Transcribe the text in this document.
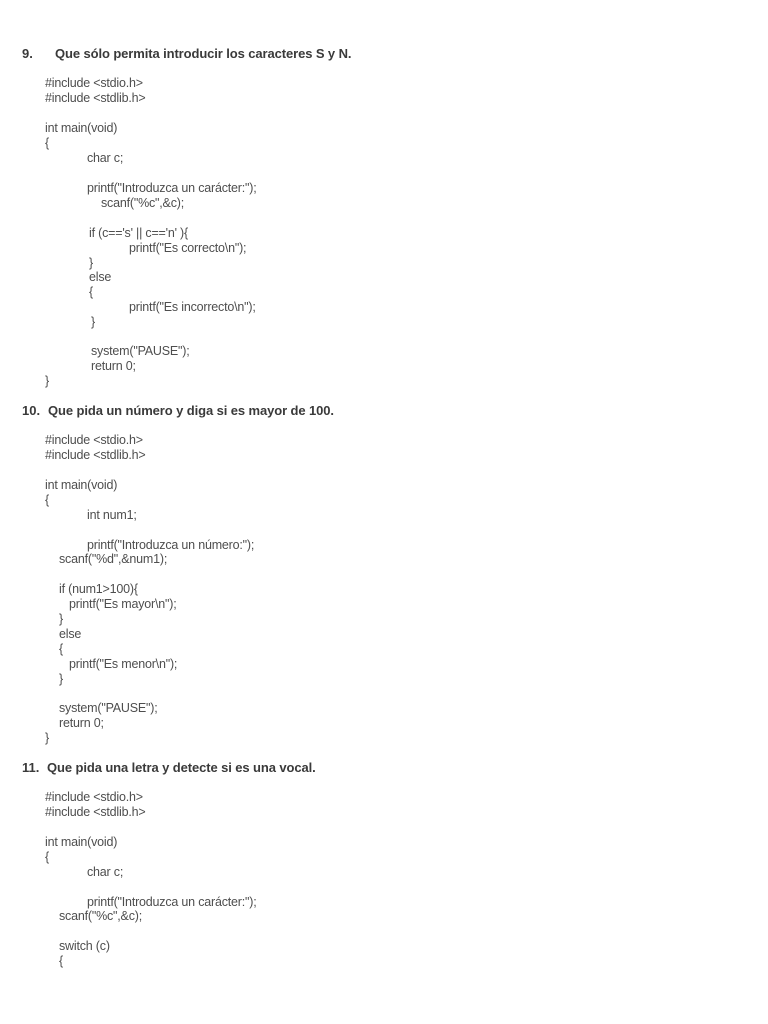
9. Que sólo permita introducir los caracteres S y N.
#include <stdio.h>
#include <stdlib.h>
int main(void)
{
char c;
printf("Introduzca un carácter:");
scanf("%c",&c);
if (c=='s' || c=='n' ){
printf("Es correcto\n");
}
else
{
printf("Es incorrecto\n");
}
system("PAUSE");
return 0;
}
10. Que pida un número y diga si es mayor de 100.
#include <stdio.h>
#include <stdlib.h>
int main(void)
{
int num1;
printf("Introduzca un número:");
scanf("%d",&num1);
if (num1>100){
printf("Es mayor\n");
}
else
{
printf("Es menor\n");
}
system("PAUSE");
return 0;
}
11. Que pida una letra y detecte si es una vocal.
#include <stdio.h>
#include <stdlib.h>
int main(void)
{
char c;
printf("Introduzca un carácter:");
scanf("%c",&c);
switch (c)
{
